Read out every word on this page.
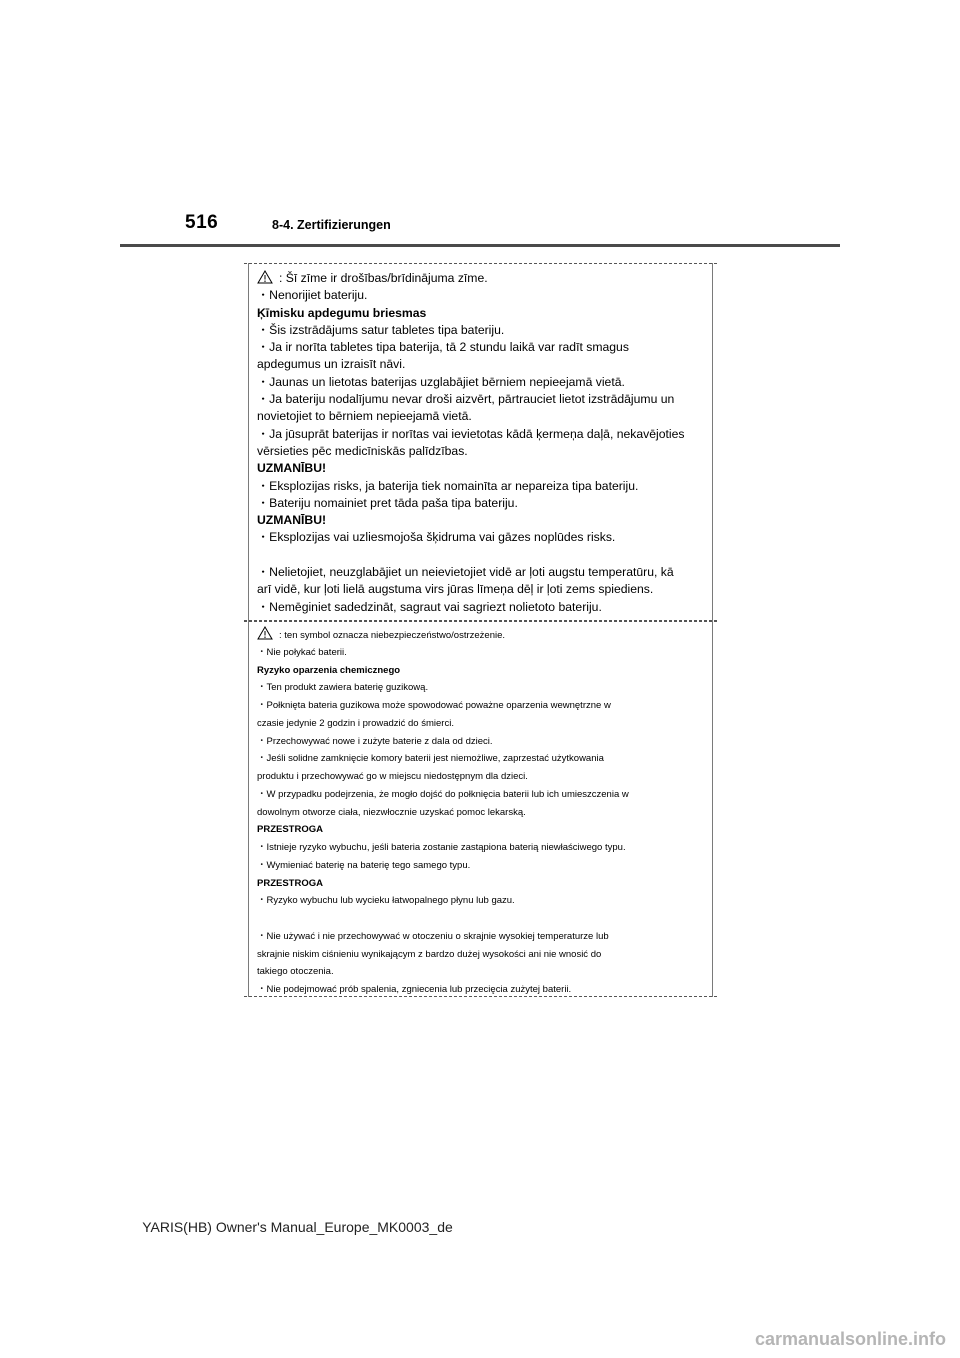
516	8-4. Zertifizierungen
: Šī zīme ir drošības/brīdinājuma zīme.
・Nenorijiet bateriju.
Ķīmisku apdegumu briesmas
・Šis izstrādājums satur tabletes tipa bateriju.
・Ja ir norīta tabletes tipa baterija, tā 2 stundu laikā var radīt smagus
apdegumus un izraisīt nāvi.
・Jaunas un lietotas baterijas uzglabājiet bērniem nepieejamā vietā.
・Ja bateriju nodalījumu nevar droši aizvērt, pārtrauciet lietot izstrādājumu un
novietojiet to bērniem nepieejamā vietā.
・Ja jūsuprāt baterijas ir norītas vai ievietotas kādā ķermeņa daļā, nekavējoties
vērsieties pēc medicīniskās palīdzības.
UZMANĪBU!
・Eksplozijas risks, ja baterija tiek nomainīta ar nepareiza tipa bateriju.
・Bateriju nomainiet pret tāda paša tipa bateriju.
UZMANĪBU!
・Eksplozijas vai uzliesmojoša šķidruma vai gāzes noplūdes risks.
・Nelietojiet, neuzglabājiet un neievietojiet vidē ar ļoti augstu temperatūru, kā
arī vidē, kur ļoti lielā augstuma virs jūras līmeņa dēļ ir ļoti zems spiediens.
・Nemēginiet sadedzināt, sagraut vai sagriezt nolietoto bateriju.
: ten symbol oznacza niebezpieczeństwo/ostrzeżenie.
・Nie połykać baterii.
Ryzyko oparzenia chemicznego
・Ten produkt zawiera baterię guzikową.
・Połknięta bateria guzikowa może spowodować poważne oparzenia wewnętrzne w
czasie jedynie 2 godzin i prowadzić do śmierci.
・Przechowywać nowe i zużyte baterie z dala od dzieci.
・Jeśli solidne zamknięcie komory baterii jest niemożliwe, zaprzestać użytkowania
produktu i przechowywać go w miejscu niedostępnym dla dzieci.
・W przypadku podejrzenia, że mogło dojść do połknięcia baterii lub ich umieszczenia w
dowolnym otworze ciała, niezwłocznie uzyskać pomoc lekarską.
PRZESTROGA
・Istnieje ryzyko wybuchu, jeśli bateria zostanie zastąpiona baterią niewłaściwego typu.
・Wymieniać baterię na baterię tego samego typu.
PRZESTROGA
・Ryzyko wybuchu lub wycieku łatwopalnego płynu lub gazu.
・Nie używać i nie przechowywać w otoczeniu o skrajnie wysokiej temperaturze lub
skrajnie niskim ciśnieniu wynikającym z bardzo dużej wysokości ani nie wnosić do
takiego otoczenia.
・Nie podejmować prób spalenia, zgniecenia lub przecięcia zużytej baterii.
YARIS(HB) Owner's Manual_Europe_MK0003_de
carmanualsonline.info
